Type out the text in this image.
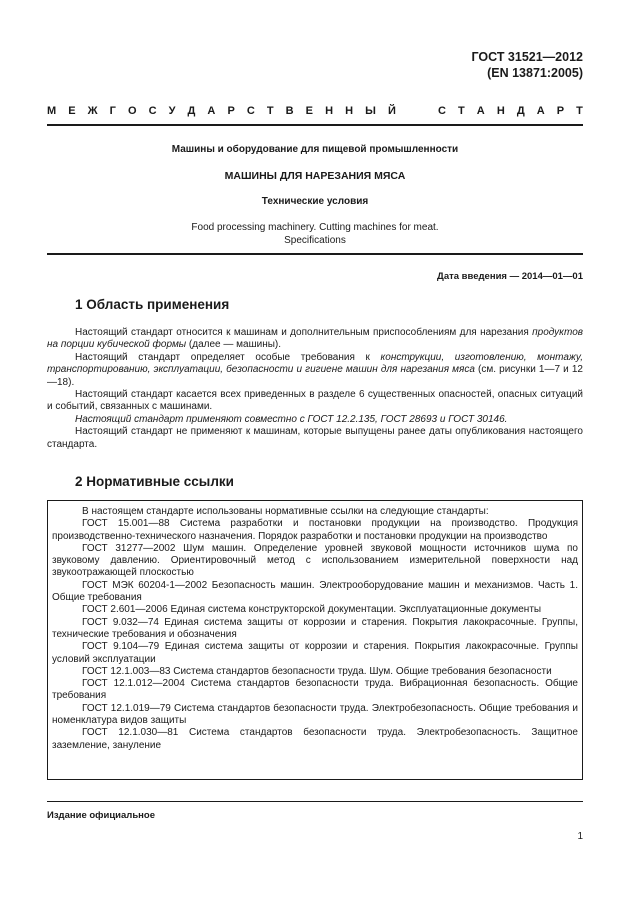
ГОСТ 31521—2012
(EN 13871:2005)
М Е Ж Г О С У Д А Р С Т В Е Н Н Ы Й	С Т А Н Д А Р Т
Машины и оборудование для пищевой промышленности
МАШИНЫ ДЛЯ НАРЕЗАНИЯ МЯСА
Технические условия
Food processing machinery. Cutting machines for meat.
Specifications
Дата введения — 2014—01—01
1 Область применения

Настоящий стандарт относится к машинам и дополнительным приспособлениям для нарезания продуктов на порции кубической формы (далее — машины).

Настоящий стандарт определяет особые требования к конструкции, изготовлению, монтажу, транспортированию, эксплуатации, безопасности и гигиене машин для нарезания мяса (см. рисунки 1—7 и 12—18).

Настоящий стандарт касается всех приведенных в разделе 6 существенных опасностей, опасных ситуаций и событий, связанных с машинами.

Настоящий стандарт применяют совместно с ГОСТ 12.2.135, ГОСТ 28693 и ГОСТ 30146.

Настоящий стандарт не применяют к машинам, которые выпущены ранее даты опубликования настоящего стандарта.

2 Нормативные ссылки

В настоящем стандарте использованы нормативные ссылки на следующие стандарты:

ГОСТ 15.001—88 Система разработки и постановки продукции на производство. Продукция производственно-технического назначения. Порядок разработки и постановки продукции на производство

ГОСТ 31277—2002 Шум машин. Определение уровней звуковой мощности источников шума по звуковому давлению. Ориентировочный метод с использованием измерительной поверхности над звукоотражающей плоскостью

ГОСТ МЭК 60204-1—2002 Безопасность машин. Электрооборудование машин и механизмов. Часть 1. Общие требования

ГОСТ 2.601—2006 Единая система конструкторской документации. Эксплуатационные документы

ГОСТ 9.032—74 Единая система защиты от коррозии и старения. Покрытия лакокрасочные. Группы, технические требования и обозначения

ГОСТ 9.104—79 Единая система защиты от коррозии и старения. Покрытия лакокрасочные. Группы условий эксплуатации

ГОСТ 12.1.003—83 Система стандартов безопасности труда. Шум. Общие требования безопасности

ГОСТ 12.1.012—2004 Система стандартов безопасности труда. Вибрационная безопасность. Общие требования

ГОСТ 12.1.019—79 Система стандартов безопасности труда. Электробезопасность. Общие требования и номенклатура видов защиты

ГОСТ 12.1.030—81 Система стандартов безопасности труда. Электробезопасность. Защитное заземление, зануление

Издание официальное
1
